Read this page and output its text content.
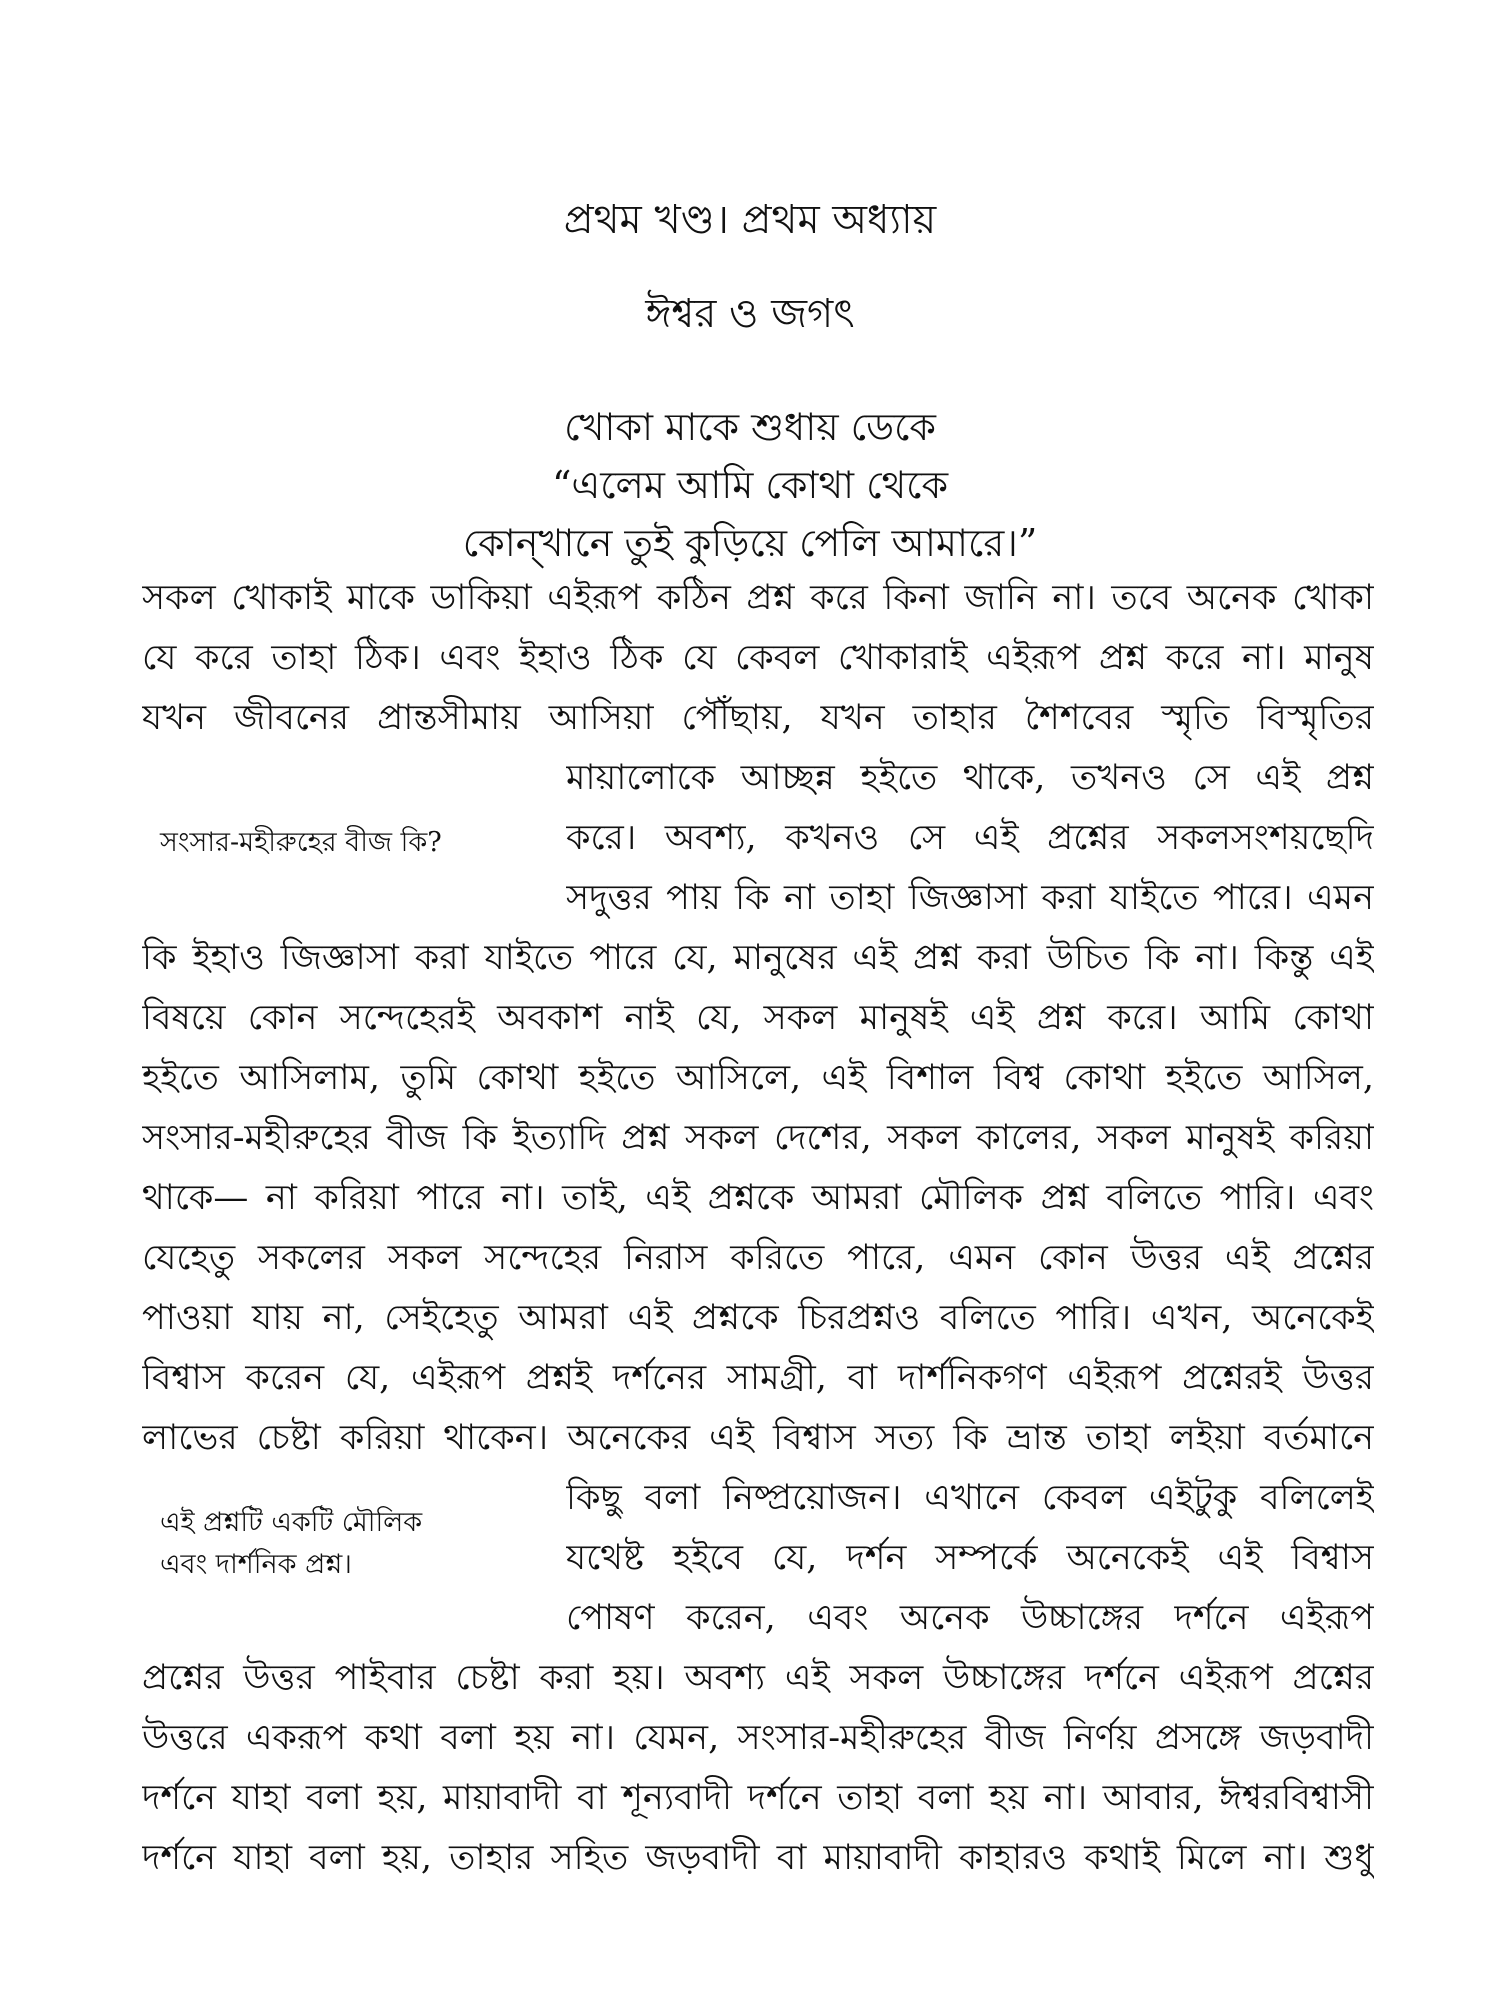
প্রথম খণ্ড। প্রথম অধ্যায়
ঈশ্বর ও জগৎ
খোকা মাকে শুধায় ডেকে
“এলেম আমি কোথা থেকে
কোন্‌খানে তুই কুড়িয়ে পেলি আমারে।”
সকল খোকাই মাকে ডাকিয়া এইরূপ কঠিন প্রশ্ন করে কিনা জানি না। তবে অনেক খোকা
যে করে তাহা ঠিক। এবং ইহাও ঠিক যে কেবল খোকারাই এইরূপ প্রশ্ন করে না। মানুষ
যখন জীবনের প্রান্তসীমায় আসিয়া পৌঁছায়, যখন তাহার শৈশবের স্মৃতি বিস্মৃতির
মায়ালোকে আচ্ছন্ন হইতে থাকে, তখনও সে এই প্রশ্ন
করে। অবশ্য, কখনও সে এই প্রশ্নের সকলসংশয়ছেদি
সদুত্তর পায় কি না তাহা জিজ্ঞাসা করা যাইতে পারে। এমন
কি ইহাও জিজ্ঞাসা করা যাইতে পারে যে, মানুষের এই প্রশ্ন করা উচিত কি না। কিন্তু এই
বিষয়ে কোন সন্দেহেরই অবকাশ নাই যে, সকল মানুষই এই প্রশ্ন করে। আমি কোথা
হইতে আসিলাম, তুমি কোথা হইতে আসিলে, এই বিশাল বিশ্ব কোথা হইতে আসিল,
সংসার-মহীরুহের বীজ কি ইত্যাদি প্রশ্ন সকল দেশের, সকল কালের, সকল মানুষই করিয়া
থাকে— না করিয়া পারে না। তাই, এই প্রশ্নকে আমরা মৌলিক প্রশ্ন বলিতে পারি। এবং
যেহেতু সকলের সকল সন্দেহের নিরাস করিতে পারে, এমন কোন উত্তর এই প্রশ্নের
পাওয়া যায় না, সেইহেতু আমরা এই প্রশ্নকে চিরপ্রশ্নও বলিতে পারি। এখন, অনেকেই
বিশ্বাস করেন যে, এইরূপ প্রশ্নই দর্শনের সামগ্রী, বা দার্শনিকগণ এইরূপ প্রশ্নেরই উত্তর
লাভের চেষ্টা করিয়া থাকেন। অনেকের এই বিশ্বাস সত্য কি ভ্রান্ত তাহা লইয়া বর্তমানে
কিছু বলা নিষ্প্রয়োজন। এখানে কেবল এইটুকু বলিলেই
যথেষ্ট হইবে যে, দর্শন সম্পর্কে অনেকেই এই বিশ্বাস
পোষণ করেন, এবং অনেক উচ্চাঙ্গের দর্শনে এইরূপ
প্রশ্নের উত্তর পাইবার চেষ্টা করা হয়। অবশ্য এই সকল উচ্চাঙ্গের দর্শনে এইরূপ প্রশ্নের
উত্তরে একরূপ কথা বলা হয় না। যেমন, সংসার-মহীরুহের বীজ নির্ণয় প্রসঙ্গে জড়বাদী
দর্শনে যাহা বলা হয়, মায়াবাদী বা শূন্যবাদী দর্শনে তাহা বলা হয় না। আবার, ঈশ্বরবিশ্বাসী
দর্শনে যাহা বলা হয়, তাহার সহিত জড়বাদী বা মায়াবাদী কাহারও কথাই মিলে না। শুধু
সংসার-মহীরুহের বীজ কি?
এই প্রশ্নটি একটি মৌলিক
এবং দার্শনিক প্রশ্ন।
